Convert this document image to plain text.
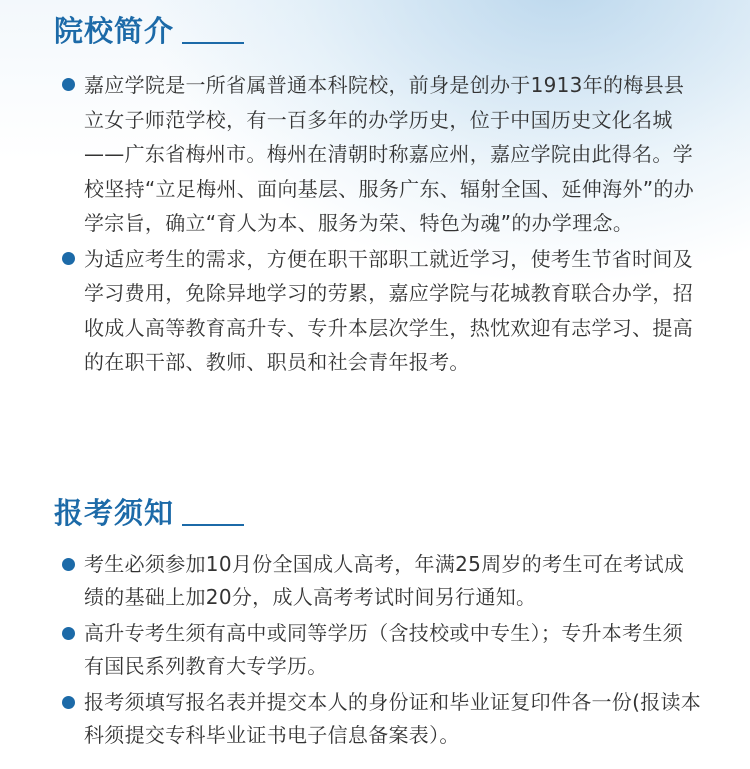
院校简介
嘉应学院是一所省属普通本科院校，前身是创办于1913年的梅县县立女子师范学校，有一百多年的办学历史，位于中国历史文化名城——广东省梅州市。梅州在清朝时称嘉应州，嘉应学院由此得名。学校坚持“立足梅州、面向基层、服务广东、辐射全国、延伸海外”的办学宗旨，确立“育人为本、服务为荣、特色为魂”的办学理念。
为适应考生的需求，方便在职干部职工就近学习，使考生节省时间及学习费用，免除异地学习的劳累，嘉应学院与花城教育联合办学，招收成人高等教育高升专、专升本层次学生，热忱欢迎有志学习、提高的在职干部、教师、职员和社会青年报考。
报考须知
考生必须参加10月份全国成人高考，年满25周岁的考生可在考试成绩的基础上加20分，成人高考考试时间另行通知。
高升专考生须有高中或同等学历（含技校或中专生）；专升本考生须有国民系列教育大专学历。
报考须填写报名表并提交本人的身份证和毕业证复印件各一份(报读本科须提交专科毕业证书电子信息备案表）。
